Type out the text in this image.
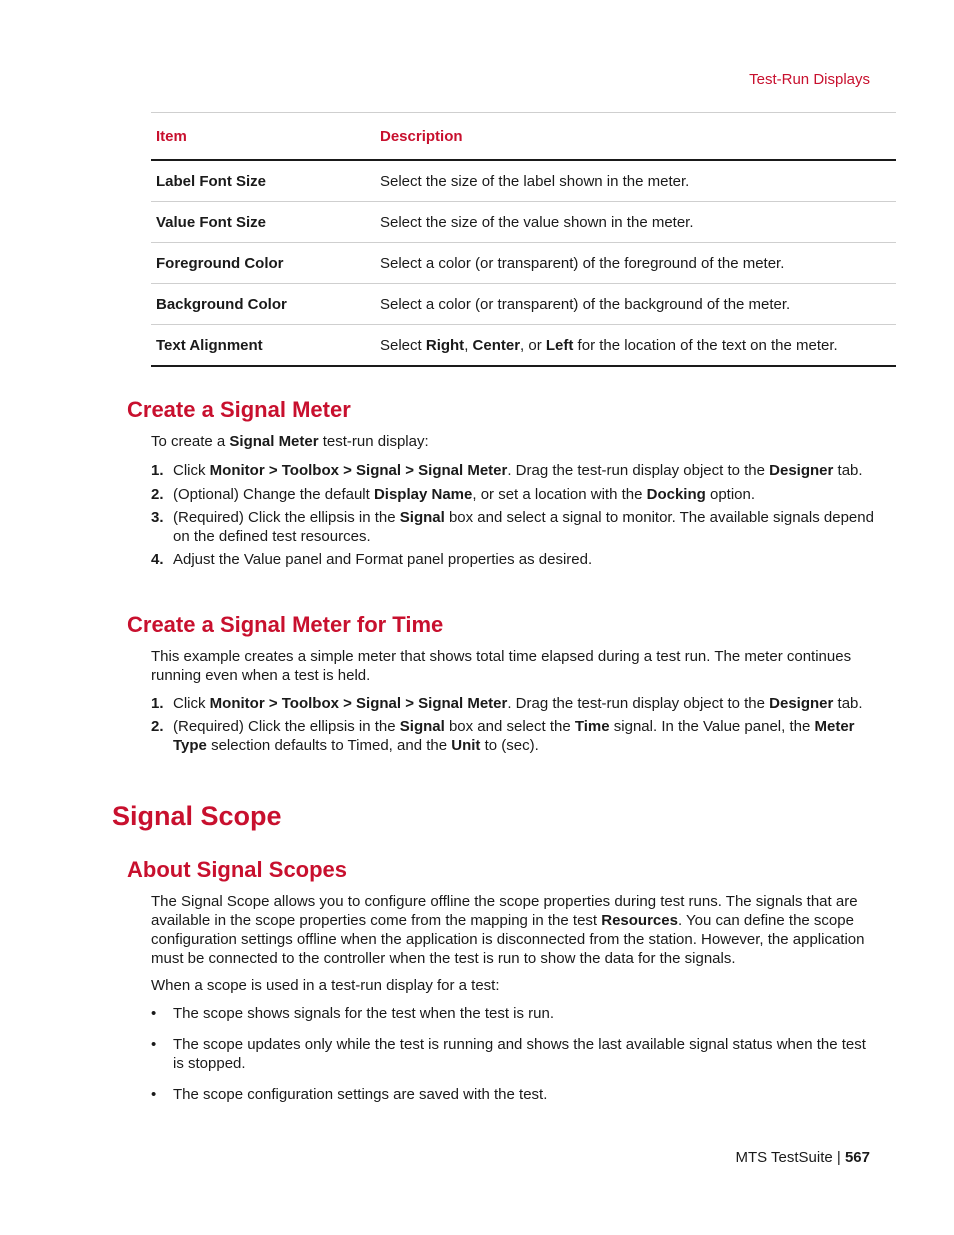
Test-Run Displays
Item	Description
Label Font Size	Select the size of the label shown in the meter.
Value Font Size	Select the size of the value shown in the meter.
Foreground Color	Select a color (or transparent) of the foreground of the meter.
Background Color	Select a color (or transparent) of the background of the meter.
Text Alignment	Select Right, Center, or Left for the location of the text on the meter.
Create a Signal Meter

To create a Signal Meter test-run display:

1. Click Monitor > Toolbox > Signal > Signal Meter. Drag the test-run display object to the Designer tab.
2. (Optional) Change the default Display Name, or set a location with the Docking option.
3. (Required) Click the ellipsis in the Signal box and select a signal to monitor. The available signals depend on the defined test resources.
4. Adjust the Value panel and Format panel properties as desired.
Create a Signal Meter for Time

This example creates a simple meter that shows total time elapsed during a test run. The meter continues running even when a test is held.

1. Click Monitor > Toolbox > Signal > Signal Meter. Drag the test-run display object to the Designer tab.
2. (Required) Click the ellipsis in the Signal box and select the Time signal. In the Value panel, the Meter Type selection defaults to Timed, and the Unit to (sec).
Signal Scope
About Signal Scopes

The Signal Scope allows you to configure offline the scope properties during test runs. The signals that are available in the scope properties come from the mapping in the test Resources. You can define the scope configuration settings offline when the application is disconnected from the station. However, the application must be connected to the controller when the test is run to show the data for the signals.

When a scope is used in a test-run display for a test:

• The scope shows signals for the test when the test is run.
• The scope updates only while the test is running and shows the last available signal status when the test is stopped.
• The scope configuration settings are saved with the test.
MTS TestSuite | 567
